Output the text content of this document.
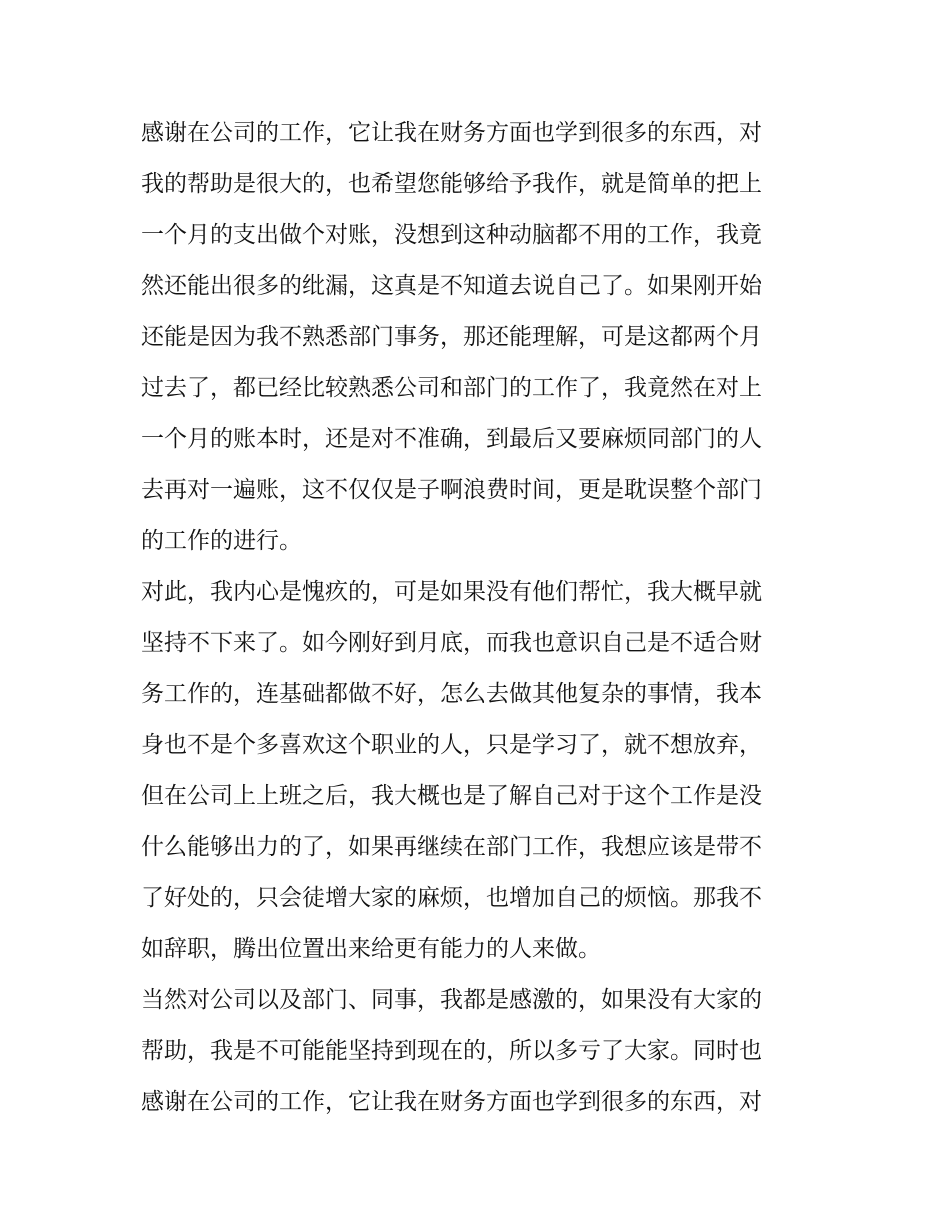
感谢在公司的工作，它让我在财务方面也学到很多的东西，对
我的帮助是很大的，也希望您能够给予我作，就是简单的把上
一个月的支出做个对账，没想到这种动脑都不用的工作，我竟
然还能出很多的纰漏，这真是不知道去说自己了。如果刚开始
还能是因为我不熟悉部门事务，那还能理解，可是这都两个月
过去了，都已经比较熟悉公司和部门的工作了，我竟然在对上
一个月的账本时，还是对不准确，到最后又要麻烦同部门的人
去再对一遍账，这不仅仅是子啊浪费时间，更是耽误整个部门
的工作的进行。
对此，我内心是愧疚的，可是如果没有他们帮忙，我大概早就
坚持不下来了。如今刚好到月底，而我也意识自己是不适合财
务工作的，连基础都做不好，怎么去做其他复杂的事情，我本
身也不是个多喜欢这个职业的人，只是学习了，就不想放弃，
但在公司上上班之后，我大概也是了解自己对于这个工作是没
什么能够出力的了，如果再继续在部门工作，我想应该是带不
了好处的，只会徒增大家的麻烦，也增加自己的烦恼。那我不
如辞职，腾出位置出来给更有能力的人来做。
当然对公司以及部门、同事，我都是感激的，如果没有大家的
帮助，我是不可能能坚持到现在的，所以多亏了大家。同时也
感谢在公司的工作，它让我在财务方面也学到很多的东西，对
